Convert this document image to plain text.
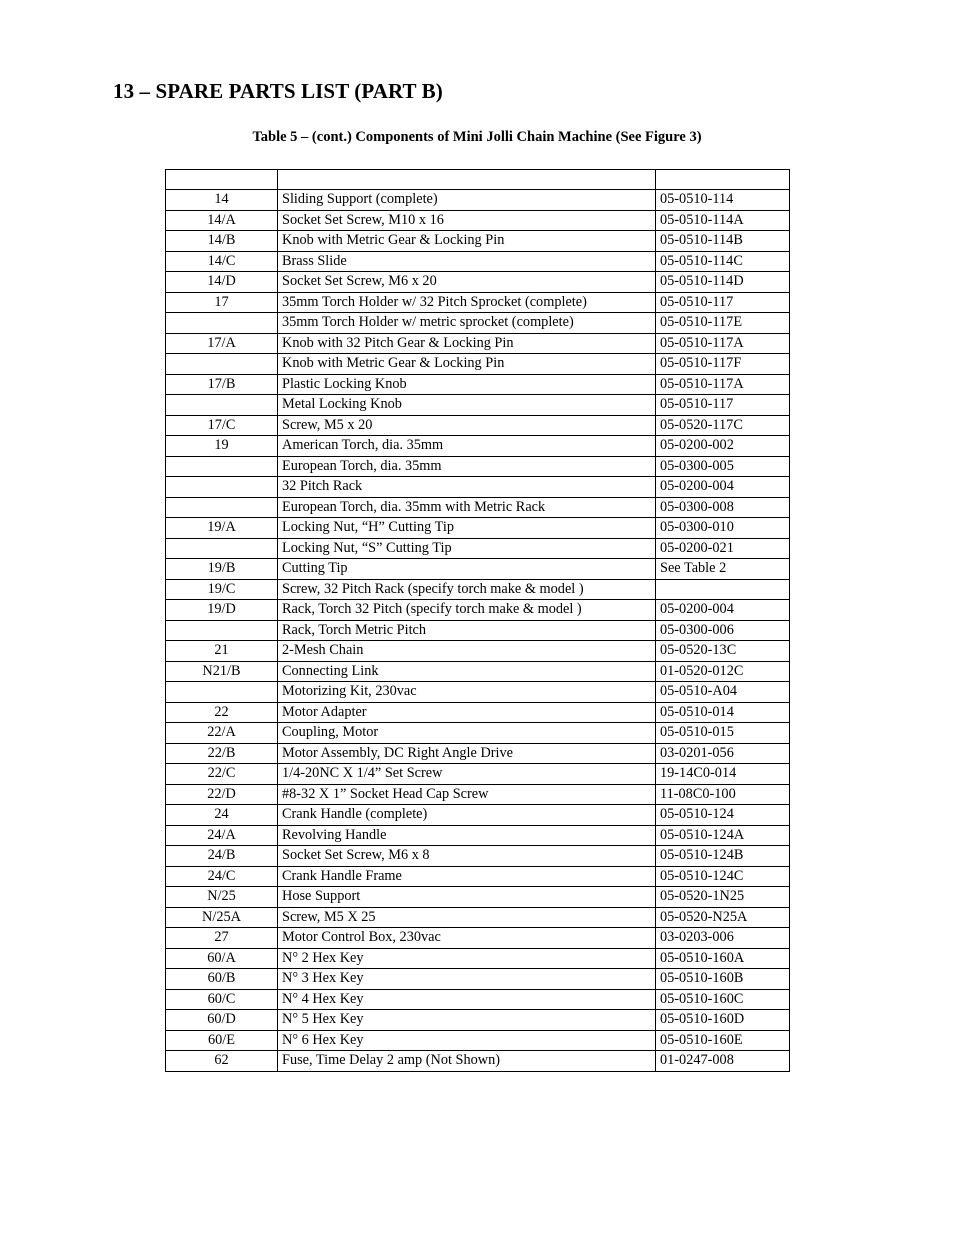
13 – SPARE PARTS LIST (PART B)
Table 5 – (cont.) Components of Mini Jolli Chain Machine (See Figure 3)

14	Sliding Support (complete)	05-0510-114
14/A	Socket Set Screw, M10 x 16	05-0510-114A
14/B	Knob with Metric Gear & Locking Pin	05-0510-114B
14/C	Brass Slide	05-0510-114C
14/D	Socket Set Screw, M6 x 20	05-0510-114D
17	35mm Torch Holder w/ 32 Pitch Sprocket (complete)	05-0510-117
	35mm Torch Holder w/ metric sprocket (complete)	05-0510-117E
17/A	Knob with 32 Pitch Gear & Locking Pin	05-0510-117A
	Knob with Metric Gear & Locking Pin	05-0510-117F
17/B	Plastic Locking Knob	05-0510-117A
	Metal Locking Knob	05-0510-117
17/C	Screw, M5 x 20	05-0520-117C
19	American Torch, dia. 35mm	05-0200-002
	European Torch, dia. 35mm	05-0300-005
	32 Pitch Rack	05-0200-004
	European Torch, dia. 35mm with Metric Rack	05-0300-008
19/A	Locking Nut, “H” Cutting Tip	05-0300-010
	Locking Nut, “S” Cutting Tip	05-0200-021
19/B	Cutting Tip	See Table 2
19/C	Screw, 32 Pitch Rack (specify torch make & model )	
19/D	Rack, Torch 32 Pitch (specify torch make & model )	05-0200-004
	Rack, Torch Metric Pitch	05-0300-006
21	2-Mesh Chain	05-0520-13C
N21/B	Connecting Link	01-0520-012C
	Motorizing Kit, 230vac	05-0510-A04
22	Motor Adapter	05-0510-014
22/A	Coupling, Motor	05-0510-015
22/B	Motor Assembly, DC Right Angle Drive	03-0201-056
22/C	1/4-20NC X 1/4” Set Screw	19-14C0-014
22/D	#8-32 X 1” Socket Head Cap Screw	11-08C0-100
24	Crank Handle (complete)	05-0510-124
24/A	Revolving Handle	05-0510-124A
24/B	Socket Set Screw, M6 x 8	05-0510-124B
24/C	Crank Handle Frame	05-0510-124C
N/25	Hose Support	05-0520-1N25
N/25A	Screw, M5 X 25	05-0520-N25A
27	Motor Control Box, 230vac	03-0203-006
60/A	N° 2 Hex Key	05-0510-160A
60/B	N° 3 Hex Key	05-0510-160B
60/C	N° 4 Hex Key	05-0510-160C
60/D	N° 5 Hex Key	05-0510-160D
60/E	N° 6 Hex Key	05-0510-160E
62	Fuse, Time Delay 2 amp (Not Shown)	01-0247-008
